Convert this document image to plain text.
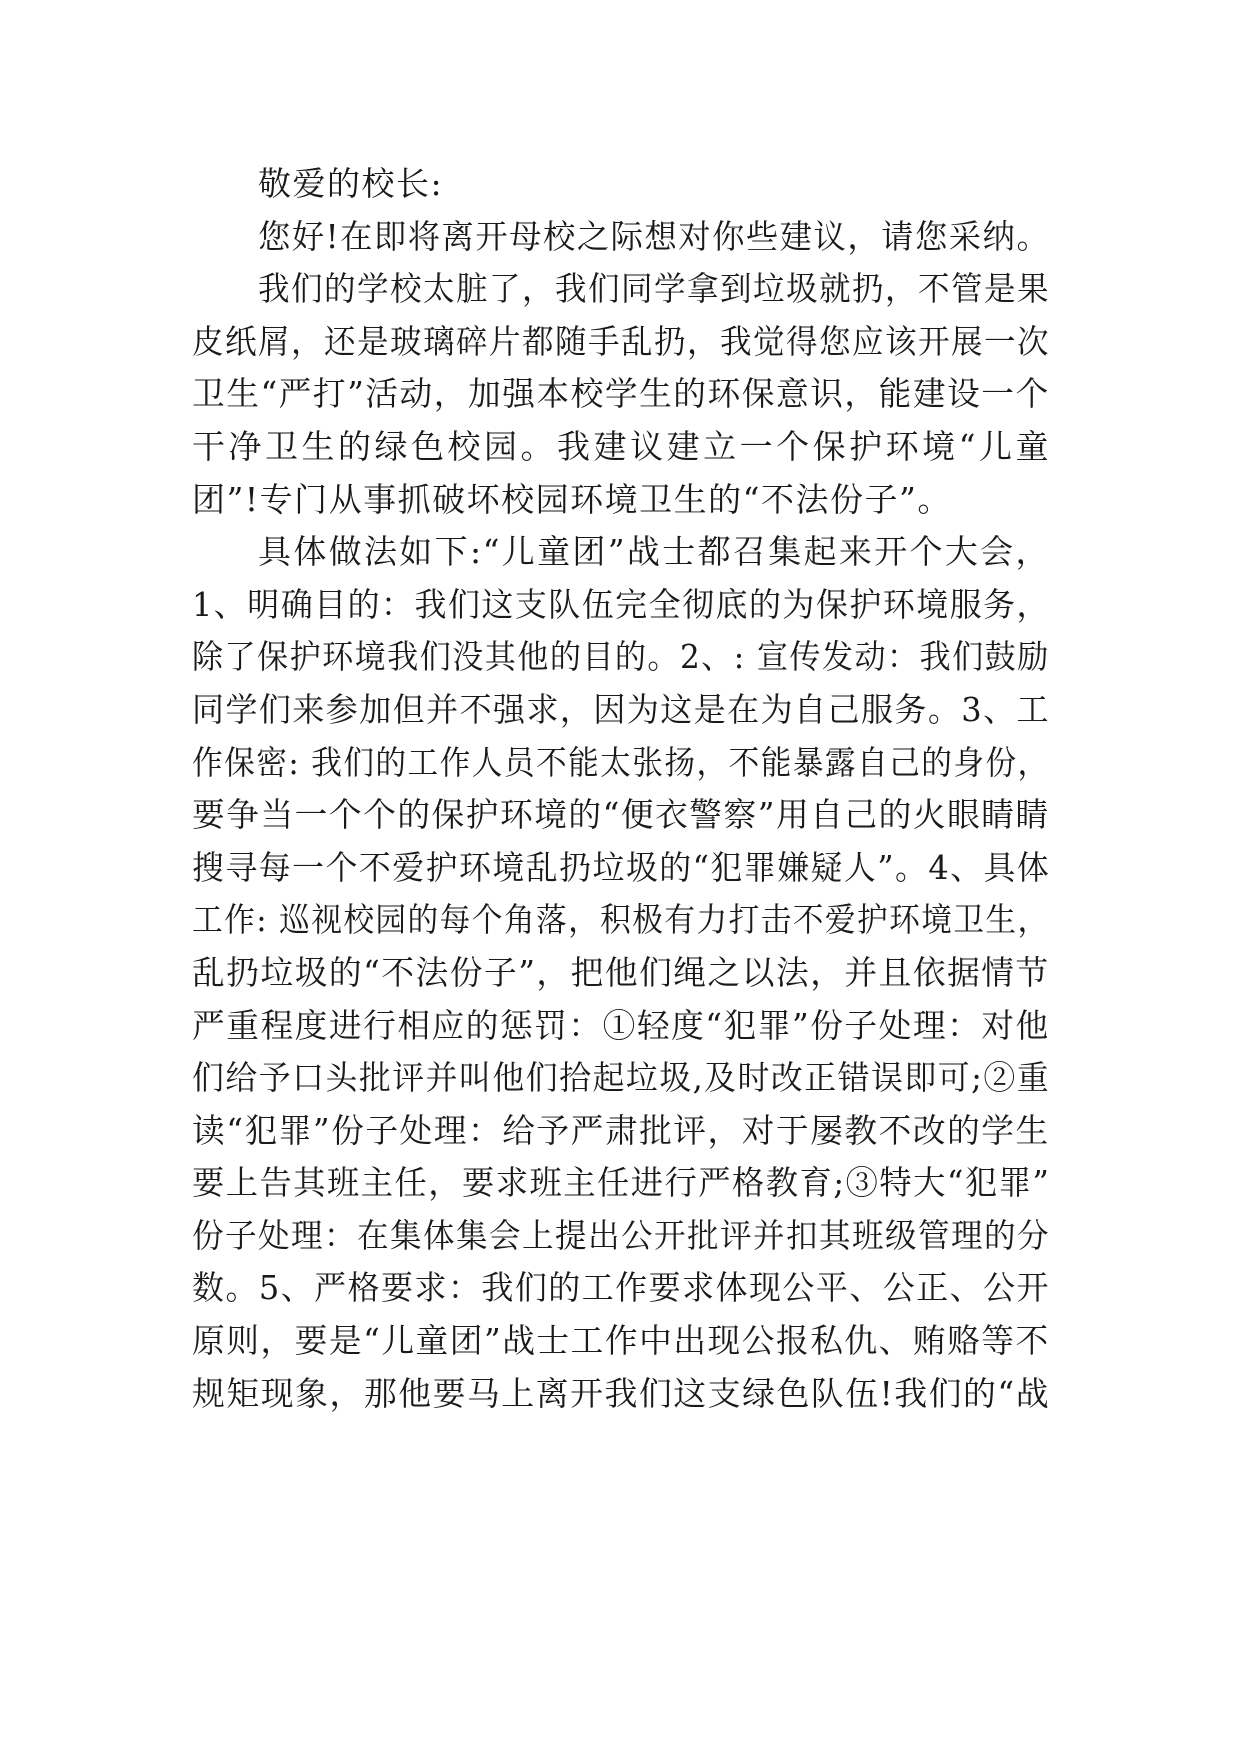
敬爱的校长:
您好!在即将离开母校之际想对你些建议，请您采纳。
我们的学校太脏了，我们同学拿到垃圾就扔，不管是果
皮纸屑，还是玻璃碎片都随手乱扔，我觉得您应该开展一次
卫生“严打”活动，加强本校学生的环保意识，能建设一个
干净卫生的绿色校园。我建议建立一个保护环境“儿童
团”!专门从事抓破坏校园环境卫生的“不法份子”。
具体做法如下:“儿童团”战士都召集起来开个大会，
1、明确目的：我们这支队伍完全彻底的为保护环境服务，
除了保护环境我们没其他的目的。2、: 宣传发动：我们鼓励
同学们来参加但并不强求，因为这是在为自己服务。3、工
作保密: 我们的工作人员不能太张扬，不能暴露自己的身份，
要争当一个个的保护环境的“便衣警察”用自己的火眼睛睛
搜寻每一个不爱护环境乱扔垃圾的“犯罪嫌疑人”。4、具体
工作: 巡视校园的每个角落，积极有力打击不爱护环境卫生，
乱扔垃圾的“不法份子”，把他们绳之以法，并且依据情节
严重程度进行相应的惩罚：①轻度“犯罪”份子处理：对他
们给予口头批评并叫他们拾起垃圾,及时改正错误即可;②重
读“犯罪”份子处理：给予严肃批评，对于屡教不改的学生
要上告其班主任，要求班主任进行严格教育;③特大“犯罪”
份子处理：在集体集会上提出公开批评并扣其班级管理的分
数。5、严格要求：我们的工作要求体现公平、公正、公开
原则，要是“儿童团”战士工作中出现公报私仇、贿赂等不
规矩现象，那他要马上离开我们这支绿色队伍!我们的“战
